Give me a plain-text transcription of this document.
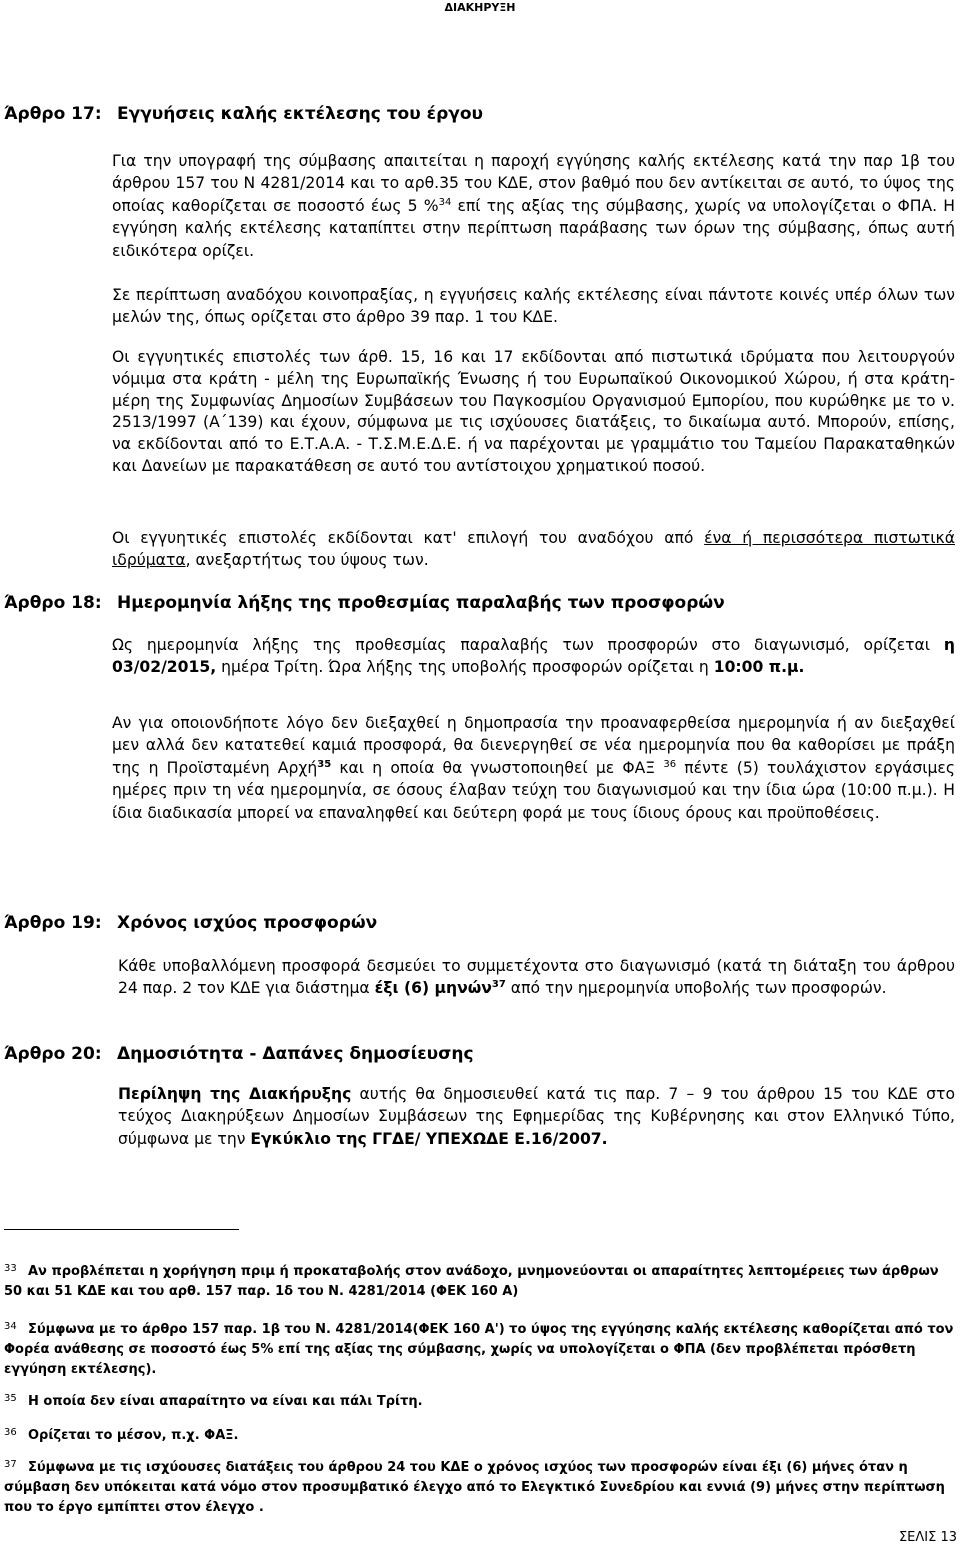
ΔΙΑΚΗΡΥΞΗ
Άρθρο 17: Εγγυήσεις καλής εκτέλεσης του έργου

Για την υπογραφή της σύμβασης απαιτείται η παροχή εγγύησης καλής εκτέλεσης κατά την παρ 1β του άρθρου 157 του Ν 4281/2014 και το αρθ.35 του ΚΔΕ, στον βαθμό που δεν αντίκειται σε αυτό, το ύψος της οποίας καθορίζεται σε ποσοστό έως 5 %$^{34}$ επί της αξίας της σύμβασης, χωρίς να υπολογίζεται ο ΦΠΑ. Η εγγύηση καλής εκτέλεσης καταπίπτει στην περίπτωση παράβασης των όρων της σύμβασης, όπως αυτή ειδικότερα ορίζει.

Σε περίπτωση αναδόχου κοινοπραξίας, η εγγυήσεις καλής εκτέλεσης είναι πάντοτε κοινές υπέρ όλων των μελών της, όπως ορίζεται στο άρθρο 39 παρ. 1 του ΚΔΕ.

Οι εγγυητικές επιστολές των άρθ. 15, 16 και 17 εκδίδονται από πιστωτικά ιδρύματα που λειτουργούν νόμιμα στα κράτη - μέλη της Ευρωπαϊκής Ένωσης ή του Ευρωπαϊκού Οικονομικού Χώρου, ή στα κράτη- μέρη της Συμφωνίας Δημοσίων Συμβάσεων του Παγκοσμίου Οργανισμού Εμπορίου, που κυρώθηκε με το ν. 2513/1997 (Α΄139) και έχουν, σύμφωνα με τις ισχύουσες διατάξεις, το δικαίωμα αυτό. Μπορούν, επίσης, να εκδίδονται από το Ε.Τ.Α.Α. - Τ.Σ.Μ.Ε.Δ.Ε. ή να παρέχονται με γραμμάτιο του Ταμείου Παρακαταθηκών και Δανείων με παρακατάθεση σε αυτό του αντίστοιχου χρηματικού ποσού.

Οι εγγυητικές επιστολές εκδίδονται κατ' επιλογή του αναδόχου από ένα ή περισσότερα πιστωτικά ιδρύματα, ανεξαρτήτως του ύψους των.

Άρθρο 18: Ημερομηνία λήξης της προθεσμίας παραλαβής των προσφορών

Ως ημερομηνία λήξης της προθεσμίας παραλαβής των προσφορών στο διαγωνισμό, ορίζεται η 03/02/2015, ημέρα Τρίτη. Ώρα λήξης της υποβολής προσφορών ορίζεται η 10:00 π.μ.

Αν για οποιονδήποτε λόγο δεν διεξαχθεί η δημοπρασία την προαναφερθείσα ημερομηνία ή αν διεξαχθεί μεν αλλά δεν κατατεθεί καμιά προσφορά, θα διενεργηθεί σε νέα ημερομηνία που θα καθορίσει με πράξη της η Προϊσταμένη Αρχή$^{35}$ και η οποία θα γνωστοποιηθεί με ΦΑΞ $^{36}$ πέντε (5) τουλάχιστον εργάσιμες ημέρες πριν τη νέα ημερομηνία, σε όσους έλαβαν τεύχη του διαγωνισμού και την ίδια ώρα (10:00 π.μ.). Η ίδια διαδικασία μπορεί να επαναληφθεί και δεύτερη φορά με τους ίδιους όρους και προϋποθέσεις.

Άρθρο 19: Χρόνος ισχύος προσφορών

Κάθε υποβαλλόμενη προσφορά δεσμεύει το συμμετέχοντα στο διαγωνισμό (κατά τη διάταξη του άρθρου 24 παρ. 2 τον ΚΔΕ για διάστημα έξι (6) μηνών$^{37}$ από την ημερομηνία υποβολής των προσφορών.

Άρθρο 20: Δημοσιότητα - Δαπάνες δημοσίευσης

Περίληψη της Διακήρυξης αυτής θα δημοσιευθεί κατά τις παρ. 7 – 9 του άρθρου 15 του ΚΔΕ στο τεύχος Διακηρύξεων Δημοσίων Συμβάσεων της Εφημερίδας της Κυβέρνησης και στον Ελληνικό Τύπο, σύμφωνα με την Εγκύκλιο της ΓΓΔΕ/ ΥΠΕΧΩΔΕ Ε.16/2007.

33 Αν προβλέπεται η χορήγηση πριμ ή προκαταβολής στον ανάδοχο, μνημονεύονται οι απαραίτητες λεπτομέρειες των άρθρων 50 και 51 ΚΔΕ και του αρθ. 157 παρ. 1δ του Ν. 4281/2014 (ΦΕΚ 160 Α)

34 Σύμφωνα με το άρθρο 157 παρ. 1β του Ν. 4281/2014(ΦΕΚ 160 Α') το ύψος της εγγύησης καλής εκτέλεσης καθορίζεται από τον Φορέα ανάθεσης σε ποσοστό έως 5% επί της αξίας της σύμβασης, χωρίς να υπολογίζεται ο ΦΠΑ (δεν προβλέπεται πρόσθετη εγγύηση εκτέλεσης).

35 Η οποία δεν είναι απαραίτητο να είναι και πάλι Τρίτη.

36 Ορίζεται το μέσον, π.χ. ΦΑΞ.

37 Σύμφωνα με τις ισχύουσες διατάξεις του άρθρου 24 του ΚΔΕ ο χρόνος ισχύος των προσφορών είναι έξι (6) μήνες όταν η σύμβαση δεν υπόκειται κατά νόμο στον προσυμβατικό έλεγχο από το Ελεγκτικό Συνεδρίου και εννιά (9) μήνες στην περίπτωση που το έργο εμπίπτει στον έλεγχο .

ΣΕΛΙΣ 13
